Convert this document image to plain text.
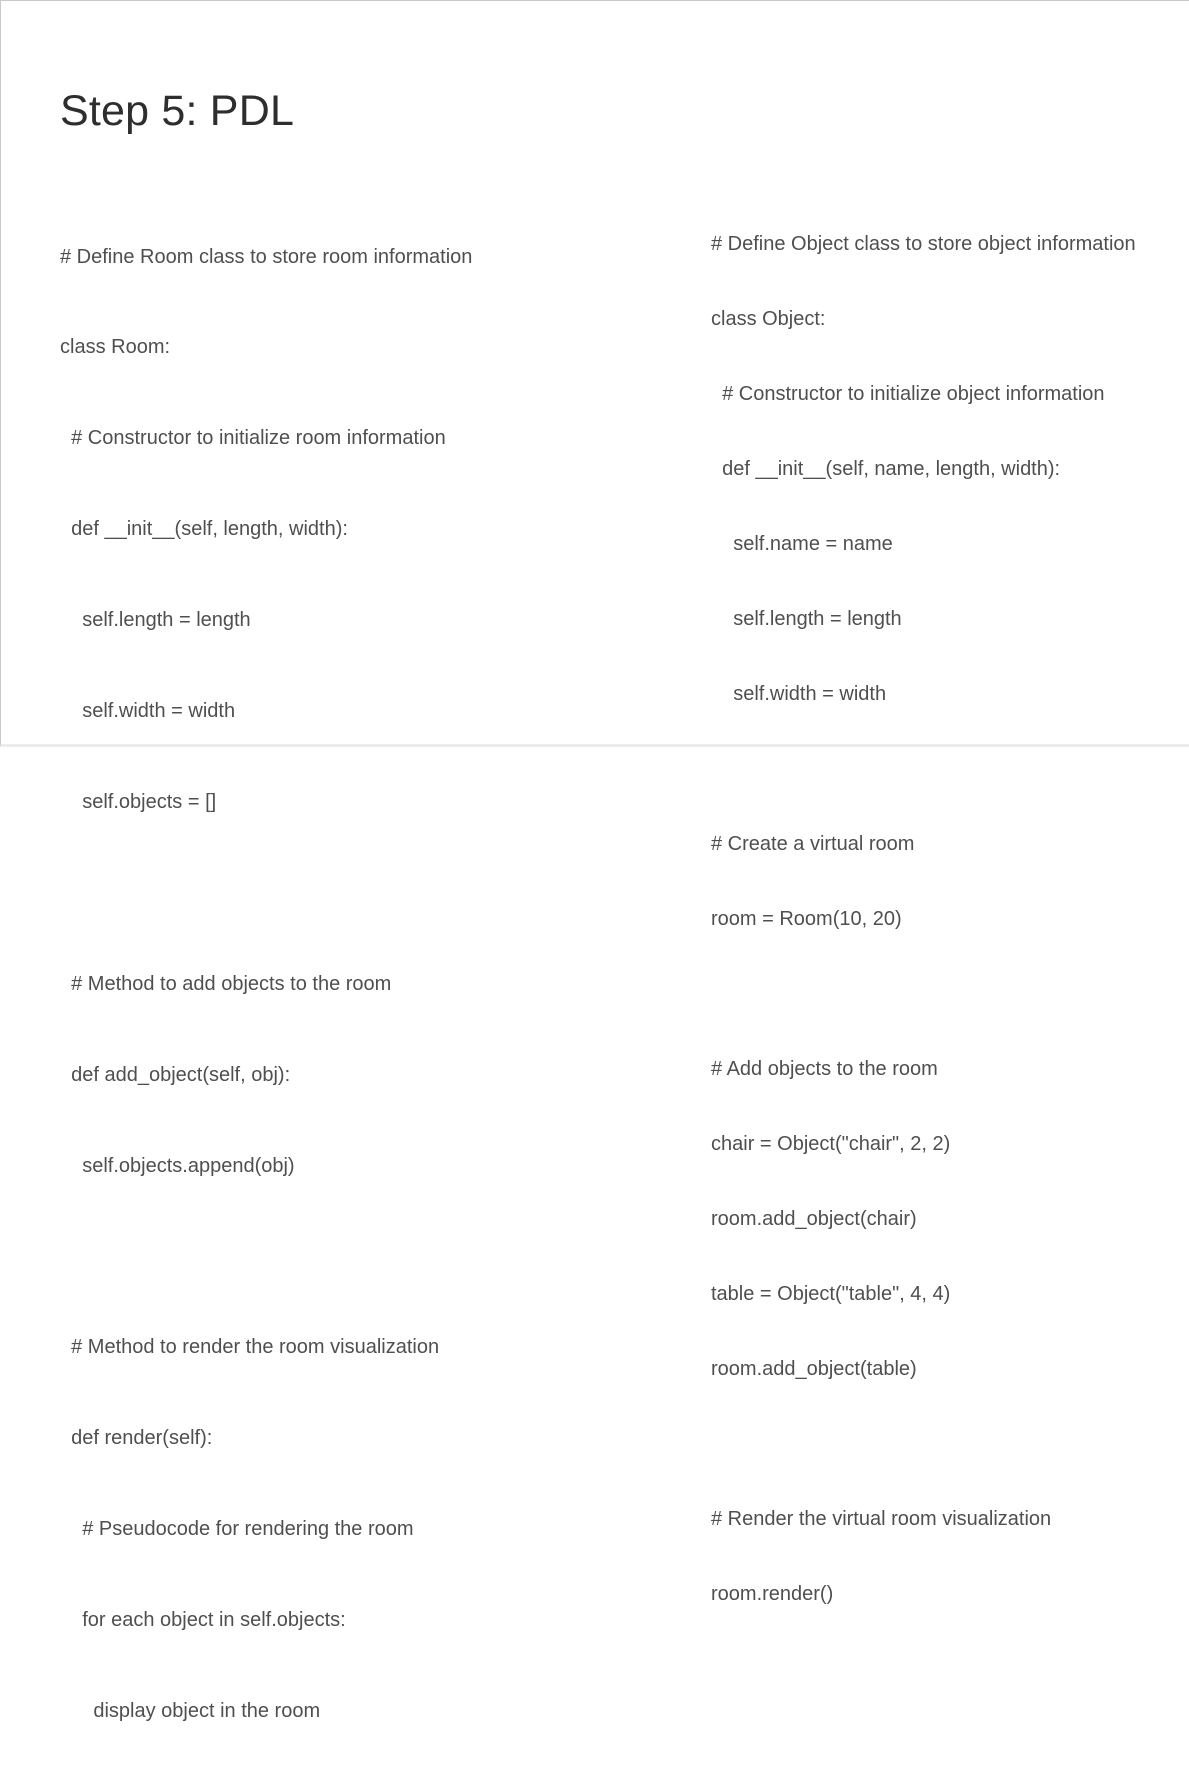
Step 5: PDL

# Define Room class to store room information

class Room:

# Constructor to initialize room information

def __init__(self, length, width):

self.length = length

self.width = width

self.objects = []

# Method to add objects to the room

def add_object(self, obj):

self.objects.append(obj)

# Method to render the room visualization

def render(self):

# Pseudocode for rendering the room

for each object in self.objects:

display object in the room

# Define Object class to store object information

class Object:

# Constructor to initialize object information

def __init__(self, name, length, width):

self.name = name

self.length = length

self.width = width

# Create a virtual room

room = Room(10, 20)

# Add objects to the room

chair = Object("chair", 2, 2)

room.add_object(chair)

table = Object("table", 4, 4)

room.add_object(table)

# Render the virtual room visualization

room.render()
